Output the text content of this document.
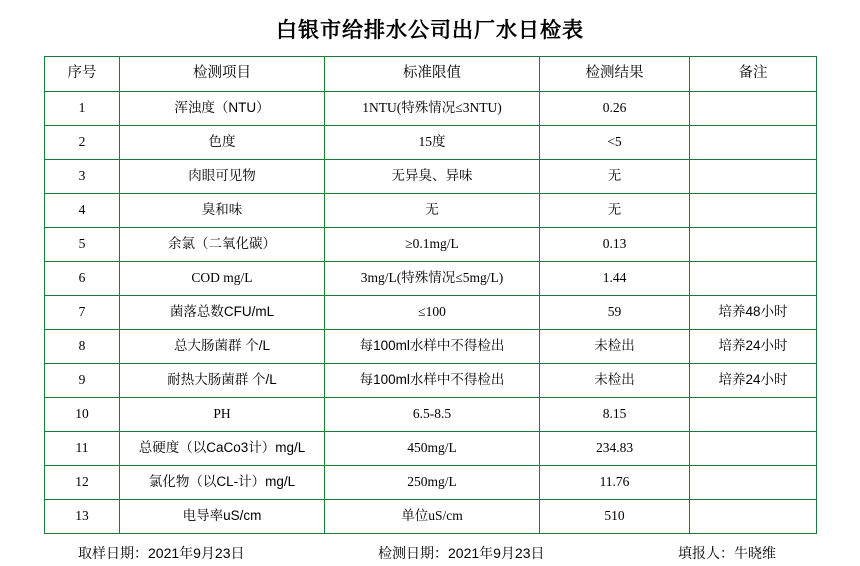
白银市给排水公司出厂水日检表
序号	检测项目	标准限值	检测结果	备注
1	浑浊度（NTU）	1NTU(特殊情况≤3NTU)	0.26	
2	色度	15度	<5	
3	肉眼可见物	无异臭、异味	无	
4	臭和味	无	无	
5	余氯（二氧化碳）	≥0.1mg/L	0.13	
6	COD mg/L	3mg/L(特殊情况≤5mg/L)	1.44	
7	菌落总数CFU/mL	≤100	59	培养48小时
8	总大肠菌群 个/L	每100ml水样中不得检出	未检出	培养24小时
9	耐热大肠菌群 个/L	每100ml水样中不得检出	未检出	培养24小时
10	PH	6.5-8.5	8.15	
11	总硬度（以CaCo3计）mg/L	450mg/L	234.83	
12	氯化物（以CL-计）mg/L	250mg/L	11.76	
13	电导率uS/cm	单位uS/cm	510	
取样日期：2021年9月23日	检测日期：2021年9月23日	填报人：牛晓维
